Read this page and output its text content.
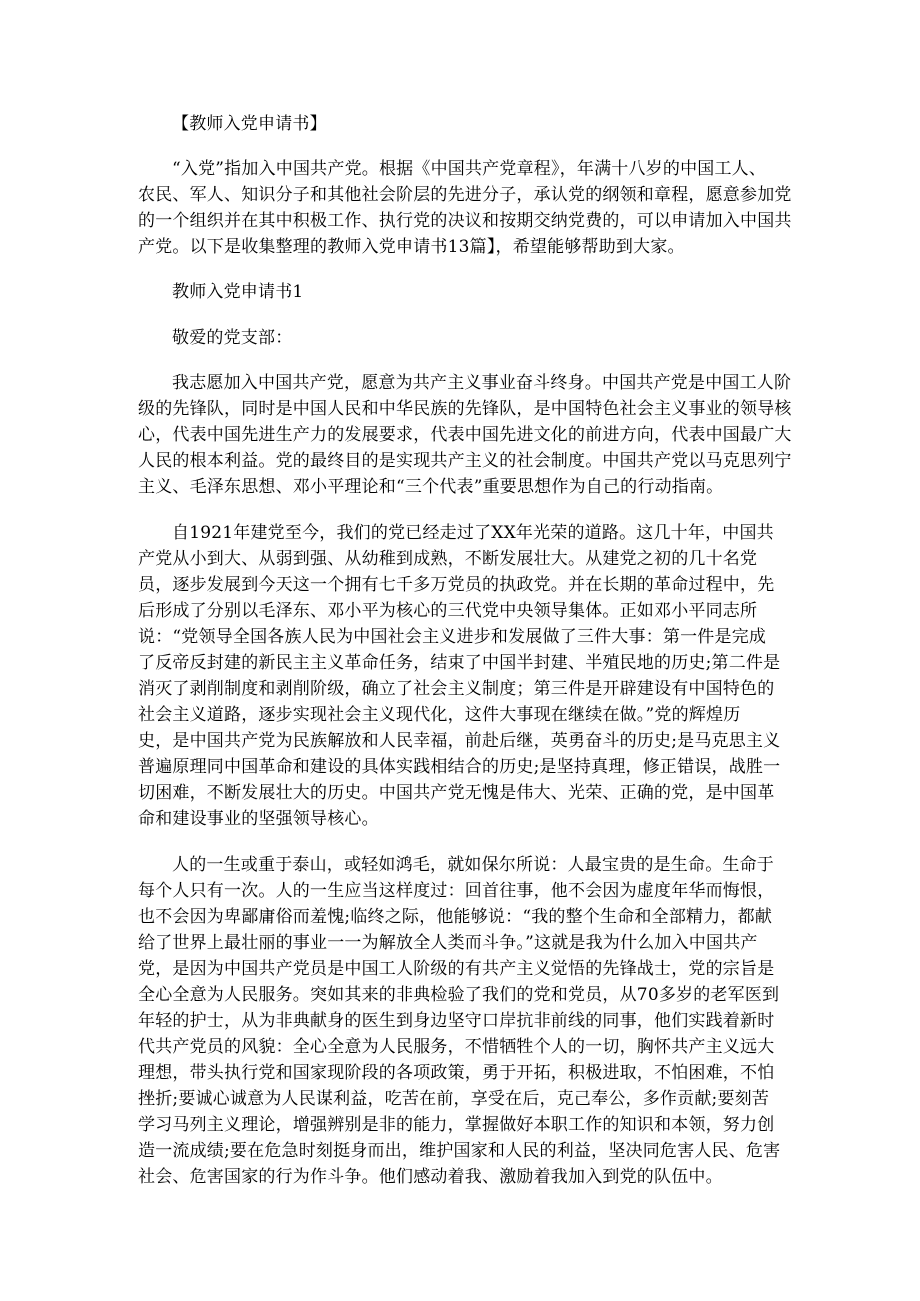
【教师入党申请书】

“入党”指加入中国共产党。根据《中国共产党章程》，年满十八岁的中国工人、

农民、军人、知识分子和其他社会阶层的先进分子，承认党的纲领和章程，愿意参加党

的一个组织并在其中积极工作、执行党的决议和按期交纳党费的，可以申请加入中国共

产党。以下是收集整理的教师入党申请书13篇】，希望能够帮助到大家。

教师入党申请书1

敬爱的党支部：

我志愿加入中国共产党，愿意为共产主义事业奋斗终身。中国共产党是中国工人阶

级的先锋队，同时是中国人民和中华民族的先锋队，是中国特色社会主义事业的领导核

心，代表中国先进生产力的发展要求，代表中国先进文化的前进方向，代表中国最广大

人民的根本利益。党的最终目的是实现共产主义的社会制度。中国共产党以马克思列宁

主义、毛泽东思想、邓小平理论和“三个代表”重要思想作为自己的行动指南。

自1921年建党至今，我们的党已经走过了XX年光荣的道路。这几十年，中国共

产党从小到大、从弱到强、从幼稚到成熟，不断发展壮大。从建党之初的几十名党

员，逐步发展到今天这一个拥有七千多万党员的执政党。并在长期的革命过程中，先

后形成了分别以毛泽东、邓小平为核心的三代党中央领导集体。正如邓小平同志所

说：“党领导全国各族人民为中国社会主义进步和发展做了三件大事：第一件是完成

了反帝反封建的新民主主义革命任务，结束了中国半封建、半殖民地的历史;第二件是

消灭了剥削制度和剥削阶级，确立了社会主义制度；第三件是开辟建设有中国特色的

社会主义道路，逐步实现社会主义现代化，这件大事现在继续在做。”党的辉煌历

史，是中国共产党为民族解放和人民幸福，前赴后继，英勇奋斗的历史;是马克思主义

普遍原理同中国革命和建设的具体实践相结合的历史;是坚持真理，修正错误，战胜一

切困难，不断发展壮大的历史。中国共产党无愧是伟大、光荣、正确的党，是中国革

命和建设事业的坚强领导核心。

人的一生或重于泰山，或轻如鸿毛，就如保尔所说：人最宝贵的是生命。生命于

每个人只有一次。人的一生应当这样度过：回首往事，他不会因为虚度年华而悔恨，

也不会因为卑鄙庸俗而羞愧;临终之际，他能够说：“我的整个生命和全部精力，都献

给了世界上最壮丽的事业一一为解放全人类而斗争。”这就是我为什么加入中国共产

党，是因为中国共产党员是中国工人阶级的有共产主义觉悟的先锋战士，党的宗旨是

全心全意为人民服务。突如其来的非典检验了我们的党和党员，从70多岁的老军医到

年轻的护士，从为非典献身的医生到身边坚守口岸抗非前线的同事，他们实践着新时

代共产党员的风貌：全心全意为人民服务，不惜牺牲个人的一切，胸怀共产主义远大

理想，带头执行党和国家现阶段的各项政策，勇于开拓，积极进取，不怕困难，不怕

挫折;要诚心诚意为人民谋利益，吃苦在前，享受在后，克己奉公，多作贡献;要刻苦

学习马列主义理论，增强辨别是非的能力，掌握做好本职工作的知识和本领，努力创

造一流成绩;要在危急时刻挺身而出，维护国家和人民的利益，坚决同危害人民、危害

社会、危害国家的行为作斗争。他们感动着我、激励着我加入到党的队伍中。
